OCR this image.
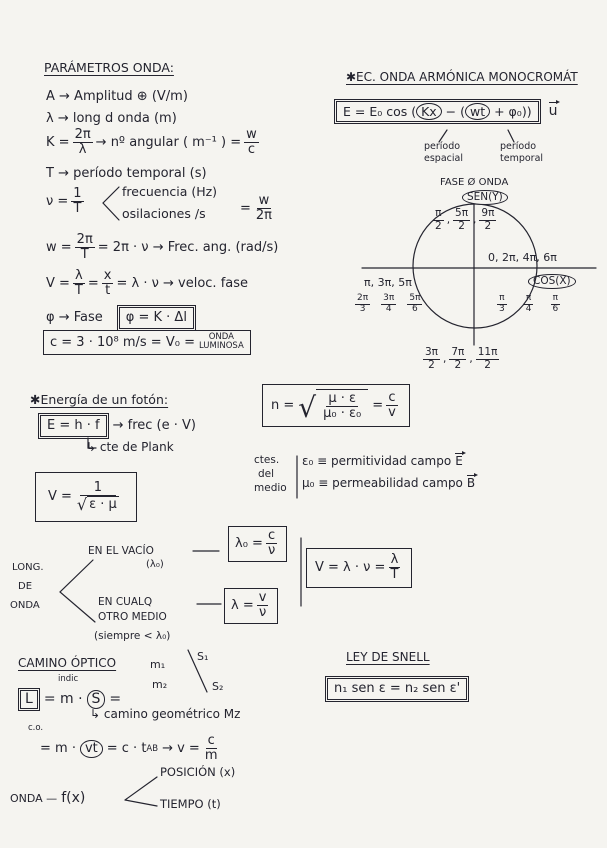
PARÁMETROS ONDA:
A → Amplitud ⊕ (V/m)
λ → long d onda (m)
$K = \frac{2\pi}{\lambda}$ → nº angular ( m⁻¹ ) = $\frac{w}{c}$
T → período temporal (s)
$\nu = \frac{1}{T}$	frecuencia (Hz)
osilaciones /s	= $\frac{w}{2\pi}$
$w = \frac{2\pi}{T} = 2\pi \cdot \nu$ → Frec. ang. (rad/s)
$V = \frac{\lambda}{T} = \frac{x}{t} = \lambda \cdot \nu$ → veloc. fase
φ → Fase	φ = K · Δl
c = 3 · 10⁸ m/s = V₀ = ONDA
LUMINOSA
✱EC. ONDA ARMÓNICA MONOCROMÁT
E = E₀ cos ( Kx − ( wt + φ₀))	u
período
espacial
período
temporal
FASE Ø ONDA
SEN(Y)
$\frac{\pi}{2}$ , $\frac{5\pi}{2}$ , $\frac{9\pi}{2}$
0, 2π, 4π, 6π
COS(X)
π, 3π, 5π
$\frac{2\pi}{3} \frac{3\pi}{4} \frac{5\pi}{6}$	$\frac{\pi}{3} \frac{\pi}{4} \frac{\pi}{6}$
$\frac{3\pi}{2}$ , $\frac{7\pi}{2}$ , $\frac{11\pi}{2}$
✱Energía de un fotón:
E = h · f	→ frec (e · V)
↳ cte de Plank
n = √ $\frac{\mu \cdot \varepsilon}{\text{μ₀ · ε₀}} = \frac{c}{v}$
$V = \frac{1}{√ \varepsilon \cdot \mu}$
ctes.
del
medio
ε₀ ≡ permitividad campo E
μ₀ ≡ permeabilidad campo B
LONG.
DE
ONDA
EN EL VACÍO
(λ₀)
$\lambda_0 = \frac{c}{\nu}$
EN CUALQ
OTRO MEDIO
(siempre < λ₀)
$\lambda = \frac{v}{\nu}$
$V = \lambda \cdot \nu = \frac{\lambda}{T}$
CAMINO ÓPTICO	m₁
m₂
S₁
S₂
indic
L = m · S =
c.o.
↳ camino geométrico Mz
= m · vt = c · t AB → $v = \frac{c}{m}$
LEY DE SNELL
n₁ sen ε = n₂ sen ε'
ONDA — f(x)
POSICIÓN (x)
TIEMPO (t)
